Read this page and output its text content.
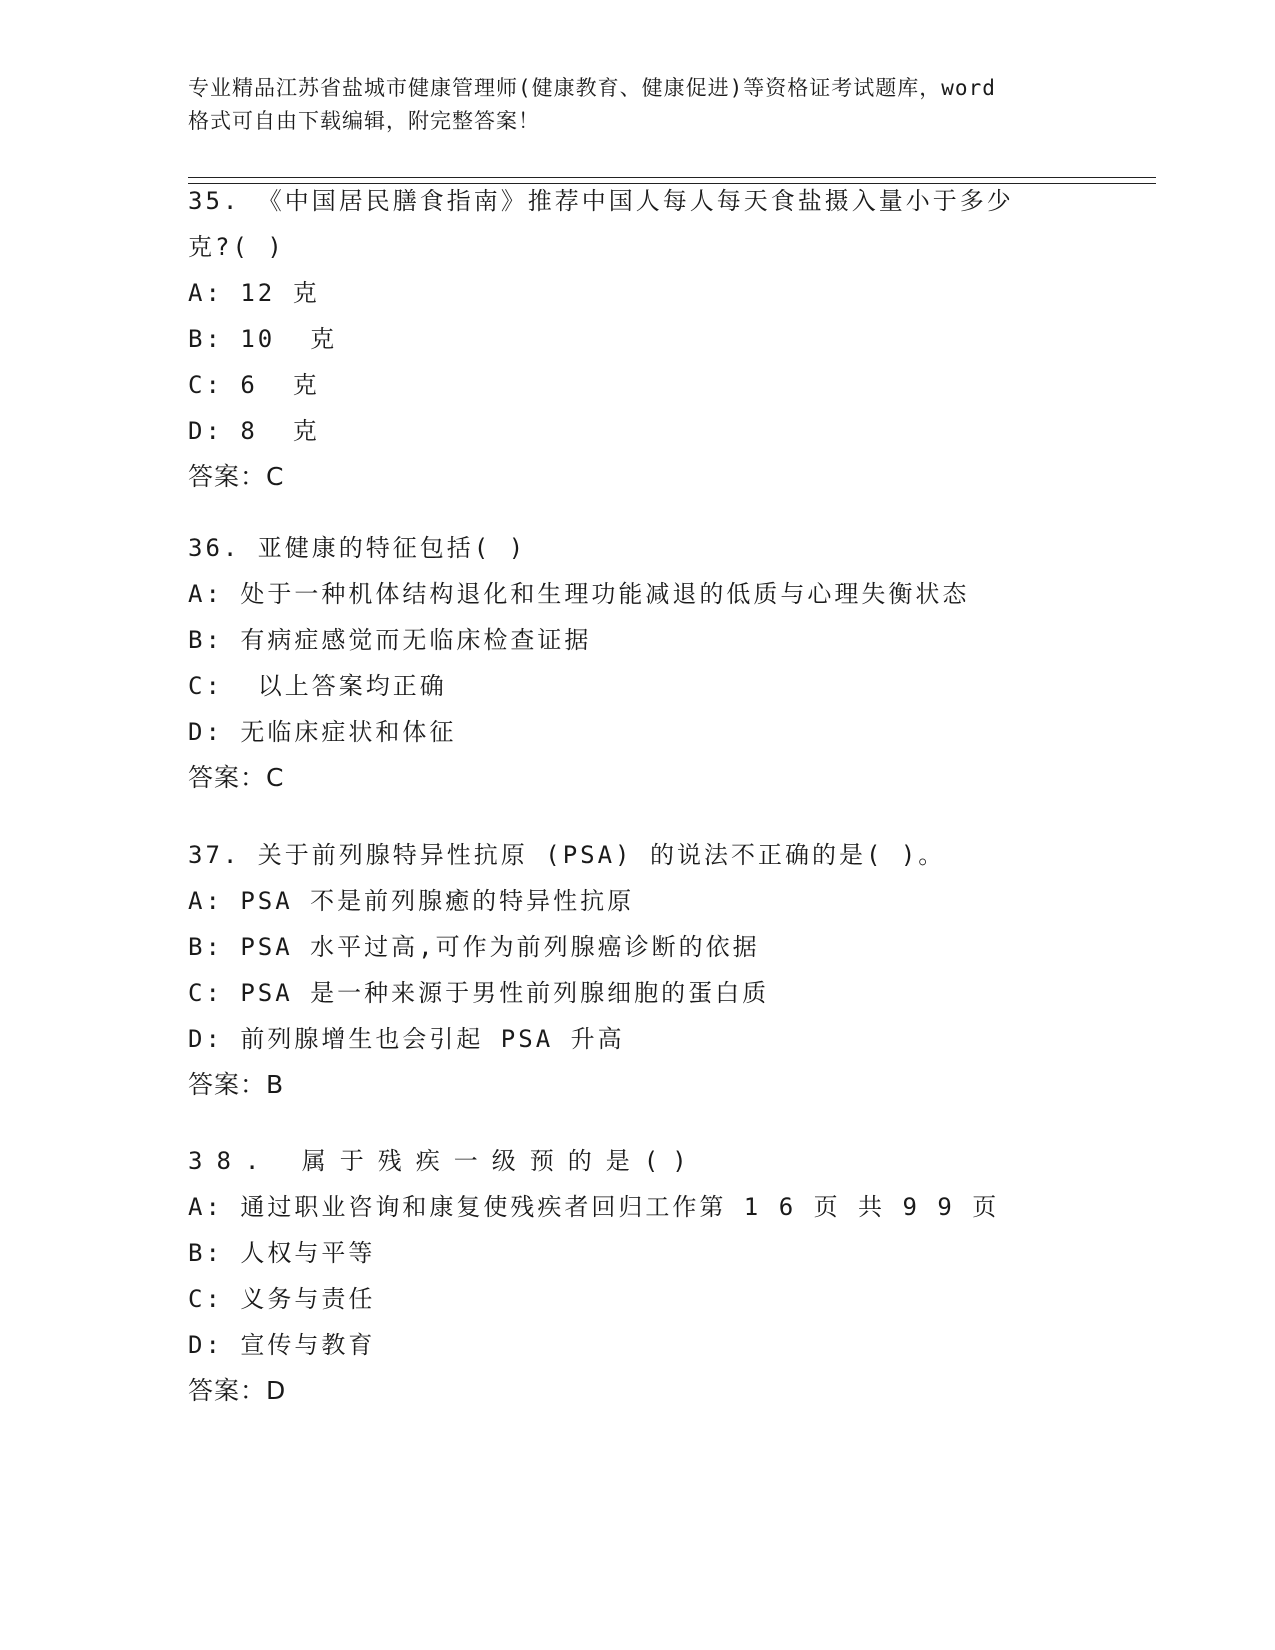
专业精品江苏省盐城市健康管理师(健康教育、健康促进)等资格证考试题库，word
格式可自由下载编辑，附完整答案！
35. 《中国居民膳食指南》推荐中国人每人每天食盐摄入量小于多少
克?( )
A: 12 克
B: 10  克
C: 6  克
D: 8  克
答案：C
36. 亚健康的特征包括( )
A: 处于一种机体结构退化和生理功能减退的低质与心理失衡状态
B: 有病症感觉而无临床检查证据
C:  以上答案均正确
D: 无临床症状和体征
答案：C
37. 关于前列腺特异性抗原 (PSA) 的说法不正确的是( )。
A: PSA 不是前列腺癒的特异性抗原
B: PSA 水平过高,可作为前列腺癌诊断的依据
C: PSA 是一种来源于男性前列腺细胞的蛋白质
D: 前列腺增生也会引起 PSA 升高
答案：B
38. 属于残疾一级预的是()
A: 通过职业咨询和康复使残疾者回归工作第 1 6 页 共 9 9 页
B: 人权与平等
C: 义务与责任
D: 宣传与教育
答案：D
